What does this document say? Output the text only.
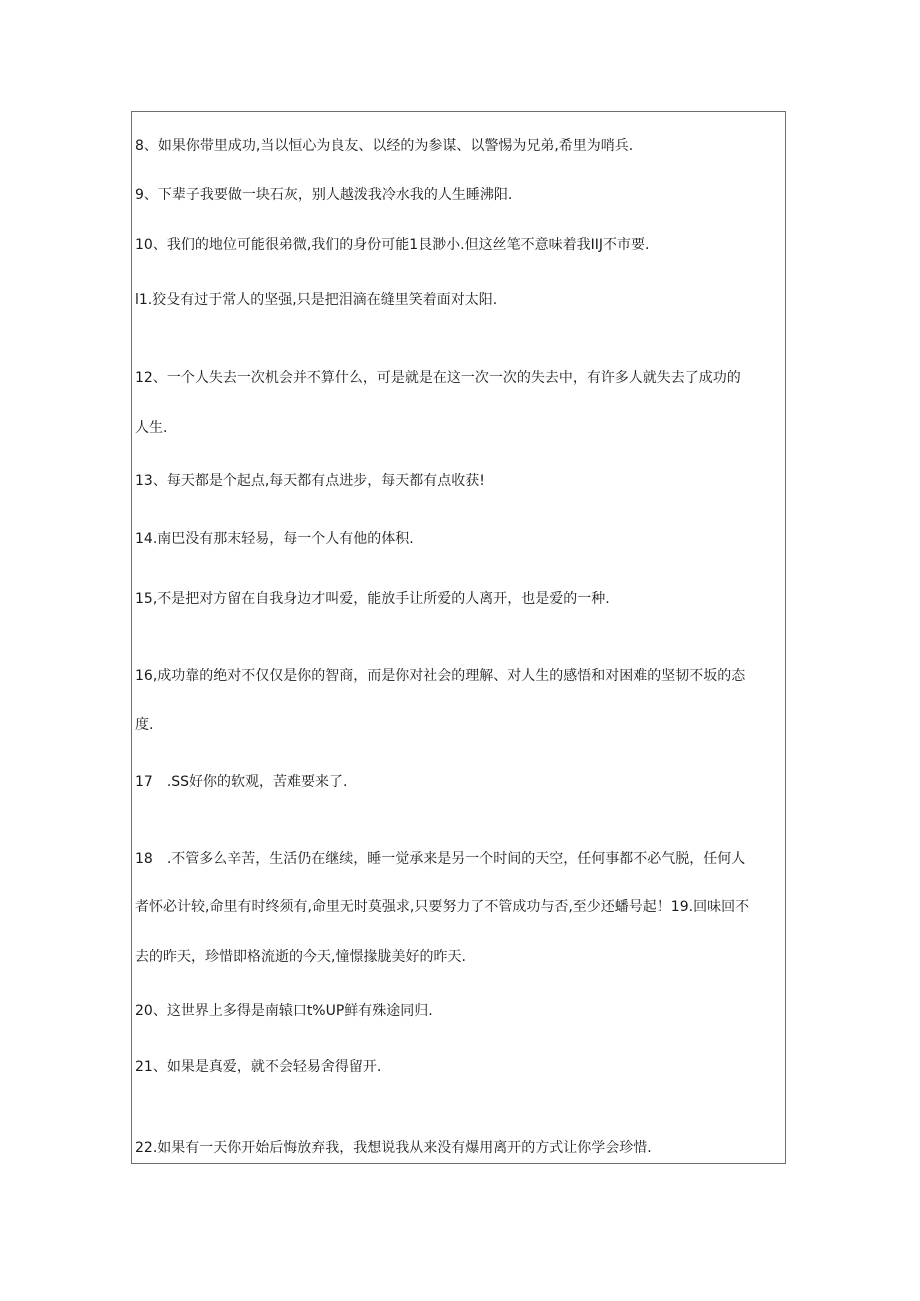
8、如果你带里成功,当以恒心为良友、以经的为参谋、以警惕为兄弟,希里为哨兵.
9、下辈子我要做一块石灰，别人越泼我冷水我的人生睡沸阳.
10、我们的地位可能很弟微,我们的身份可能1艮渺小.但这丝笔不意味着我IIJ不市要.
l1.狡殳有过于常人的坚强,只是把泪滴在缝里笑着面对太阳.
12、一个人失去一次机会并不算什么，可是就是在这一次一次的失去中，有许多人就失去了成功的
人生.
13、每天都是个起点,每天都有点进步，每天都有点收获!
14.南巴没有那末轻易，每一个人有他的体积.
15,不是把对方留在自我身边才叫爱，能放手让所爱的人离开，也是爱的一种.
16,成功靠的绝对不仅仅是你的智商，而是你对社会的理解、对人生的感悟和对困难的坚韧不坂的态
度.
17　.SS好你的软观，苦难要来了.
18　.不管多么辛苦，生活仍在继续，睡一觉承来是另一个时间的天空，任何事都不必气脱，任何人
者怀必计较,命里有时终须有,命里无时莫强求,只要努力了不管成功与否,至少还蟠号起！19.回味回不
去的昨天，珍惜即格流逝的今天,憧憬掾胧美好的昨天.
20、这世界上多得是南辕口t%UP鲜有殊途同归.
21、如果是真爱，就不会轻易舍得留开.
22.如果有一天你开始后悔放弃我，我想说我从来没有爆用离开的方式让你学会珍惜.
